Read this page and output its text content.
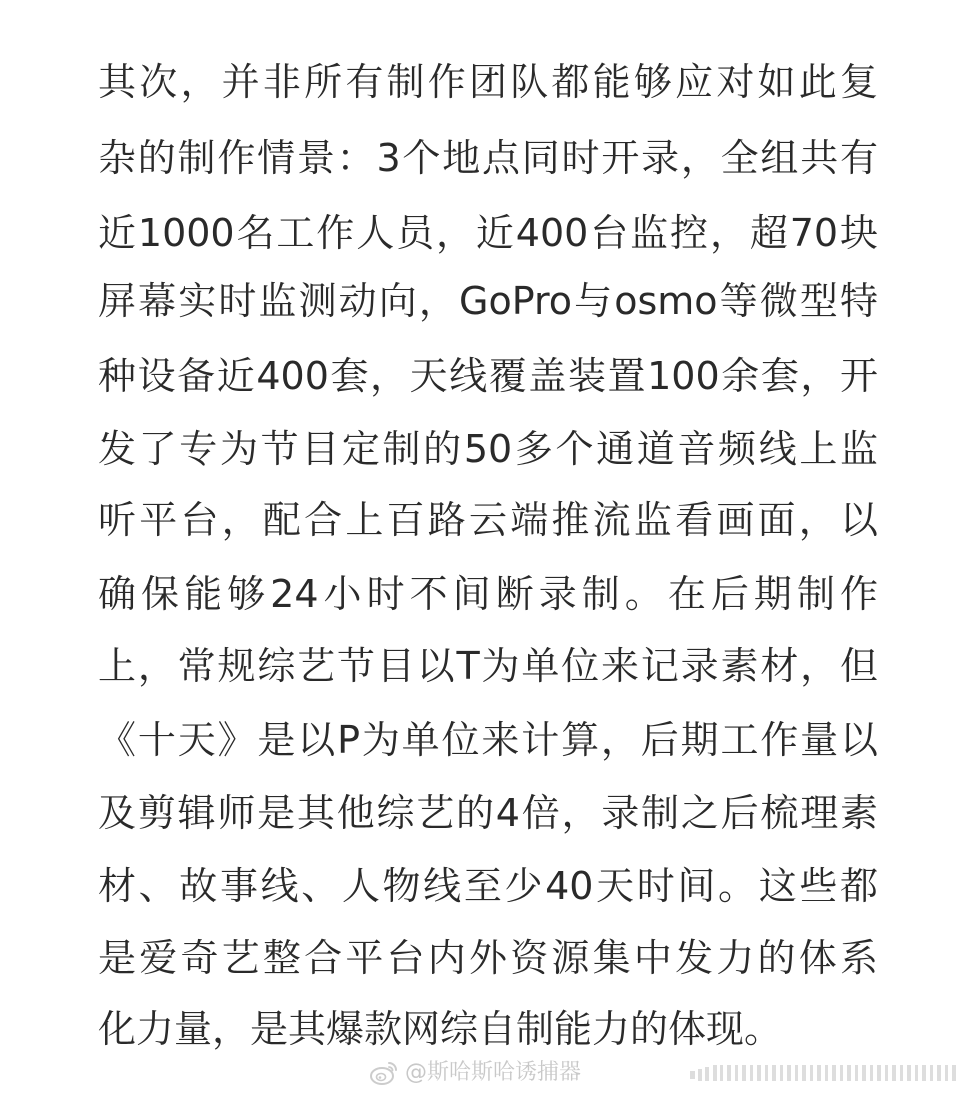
其次，并非所有制作团队都能够应对如此复
杂的制作情景：3个地点同时开录，全组共有
近1000名工作人员，近400台监控，超70块
屏幕实时监测动向，GoPro与osmo等微型特
种设备近400套，天线覆盖装置100余套，开
发了专为节目定制的50多个通道音频线上监
听平台，配合上百路云端推流监看画面，以
确保能够24小时不间断录制。在后期制作
上，常规综艺节目以T为单位来记录素材，但
《十天》是以P为单位来计算，后期工作量以
及剪辑师是其他综艺的4倍，录制之后梳理素
材、故事线、人物线至少40天时间。这些都
是爱奇艺整合平台内外资源集中发力的体系
化力量，是其爆款网综自制能力的体现。
@斯哈斯哈诱捕器
